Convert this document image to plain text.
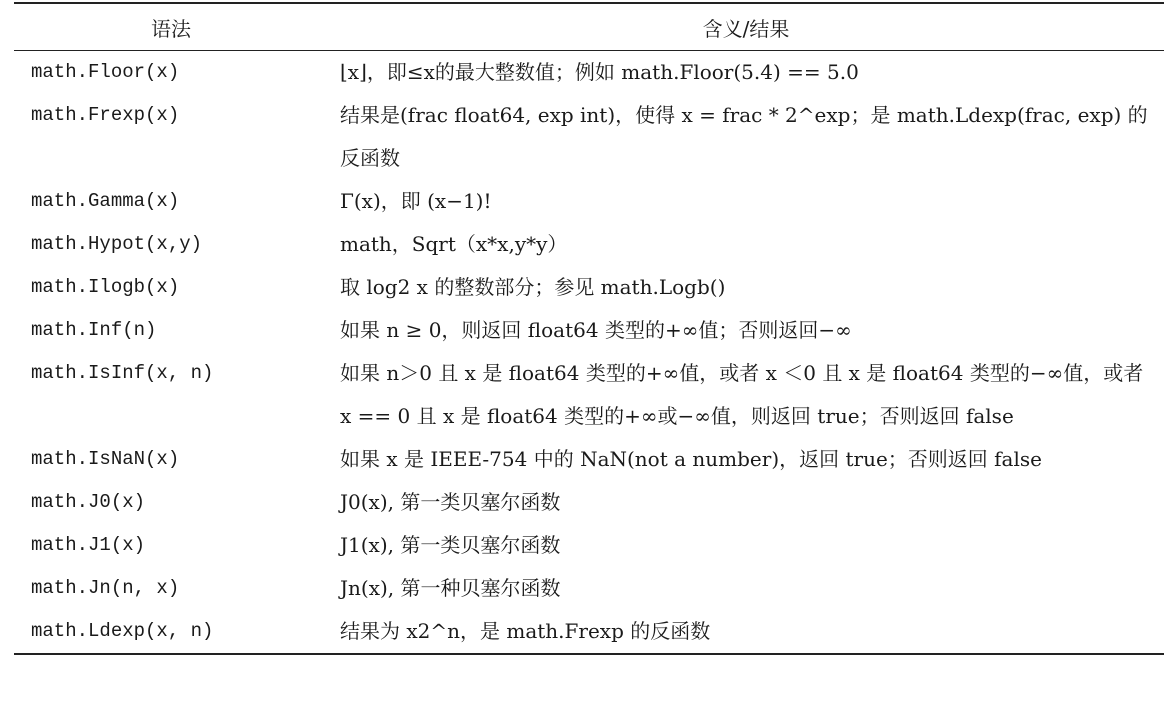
语法	含义/结果
math.Floor(x)	⌊x⌋，即≤x的最大整数值；例如 math.Floor(5.4) == 5.0
math.Frexp(x)	结果是(frac float64, exp int)，使得 x = frac * 2^exp；是 math.Ldexp(frac, exp) 的反函数
math.Gamma(x)	Γ(x)，即 (x−1)!
math.Hypot(x,y)	math，Sqrt（x*x,y*y）
math.Ilogb(x)	取 log2 x 的整数部分；参见 math.Logb()
math.Inf(n)	如果 n ≥ 0，则返回 float64 类型的+∞值；否则返回−∞
math.IsInf(x, n)	如果 n＞0 且 x 是 float64 类型的+∞值，或者 x ＜0 且 x 是 float64 类型的−∞值，或者 x == 0 且 x 是 float64 类型的+∞或−∞值，则返回 true；否则返回 false
math.IsNaN(x)	如果 x 是 IEEE-754 中的 NaN(not a number)，返回 true；否则返回 false
math.J0(x)	J0(x), 第一类贝塞尔函数
math.J1(x)	J1(x), 第一类贝塞尔函数
math.Jn(n, x)	Jn(x), 第一种贝塞尔函数
math.Ldexp(x, n)	结果为 x2^n，是 math.Frexp 的反函数
